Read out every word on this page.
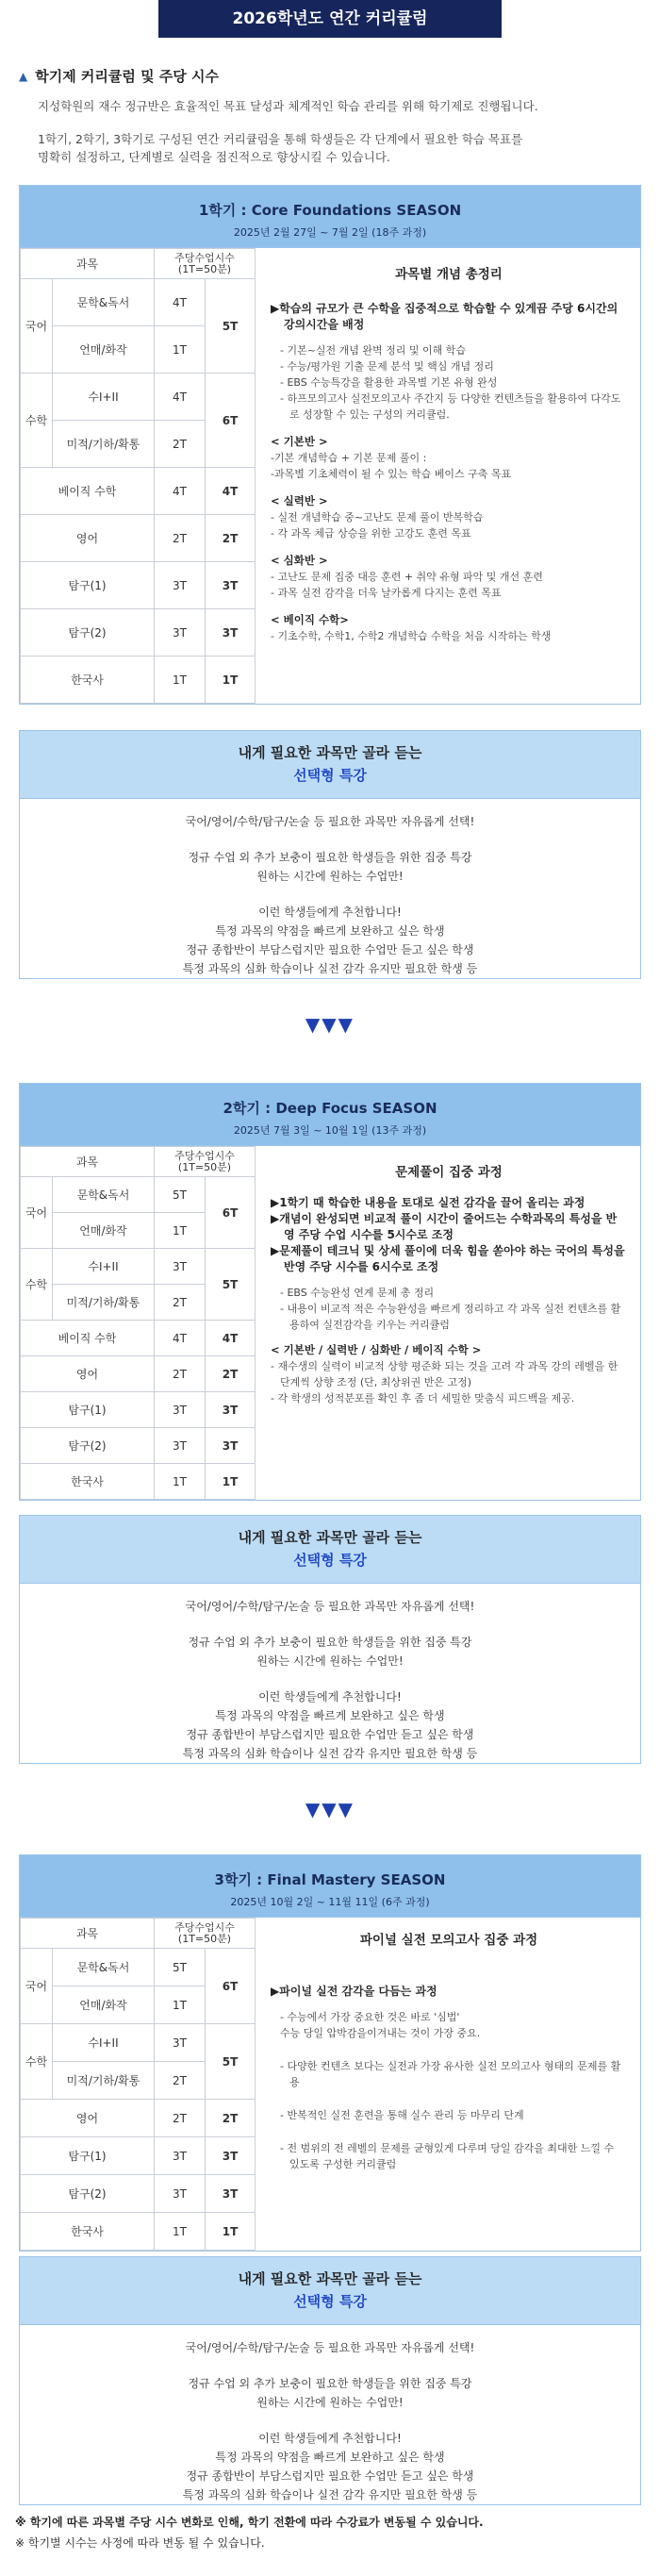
2026학년도 연간 커리큘럼
▲ 학기제 커리큘럼 및 주당 시수

지성학원의 재수 정규반은 효율적인 목표 달성과 체계적인 학습 관리를 위해 학기제로 진행됩니다.

1학기, 2학기, 3학기로 구성된 연간 커리큘럼을 통해 학생들은 각 단계에서 필요한 학습 목표를

명확히 설정하고, 단계별로 실력을 점진적으로 향상시킬 수 있습니다.

1학기 : Core Foundations SEASON
2025년 2월 27일 ~ 7월 2일 (18주 과정)
과목		주당수업시수
(1T=50분)	
국어	문학&독서	4T	5T
	언매/화작	1T	
수학	수I+II	4T	6T
	미적/기하/확통	2T	
베이직 수학		4T	4T
영어		2T	2T
탐구(1)		3T	3T
탐구(2)		3T	3T
한국사		1T	1T
과목별 개념 총정리
▶학습의 규모가 큰 수학을 집중적으로 학습할 수 있게끔 주당 6시간의 강의시간을 배정
- 기본~실전 개념 완벽 정리 및 이해 학습
- 수능/평가원 기출 문제 분석 및 핵심 개념 정리
- EBS 수능특강을 활용한 과목별 기본 유형 완성
- 하프모의고사 실전모의고사 주간지 등 다양한 컨텐츠들을 활용하여 다각도로 성장할 수 있는 구성의 커리큘럼.
< 기본반 >
-기본 개념학습 + 기본 문제 풀이 :
-과목별 기초체력이 될 수 있는 학습 베이스 구축 목표
< 실력반 >
- 실전 개념학습 중~고난도 문제 풀이 반복학습
- 각 과목 체급 상승을 위한 고강도 훈련 목표
< 심화반 >
- 고난도 문제 집중 대응 훈련 + 취약 유형 파악 및 개선 훈련
- 과목 실전 감각을 더욱 날카롭게 다지는 훈련 목표
< 베이직 수학>
- 기초수학, 수학1, 수학2 개념학습 수학을 처음 시작하는 학생
내게 필요한 과목만 골라 듣는
선택형 특강
국어/영어/수학/탐구/논술 등 필요한 과목만 자유롭게 선택!
정규 수업 외 추가 보충이 필요한 학생들을 위한 집중 특강
원하는 시간에 원하는 수업만!
이런 학생들에게 추천합니다!
특정 과목의 약점을 빠르게 보완하고 싶은 학생
정규 종합반이 부담스럽지만 필요한 수업만 듣고 싶은 학생
특정 과목의 심화 학습이나 실전 감각 유지만 필요한 학생 등
▼▼▼
2학기 : Deep Focus SEASON
2025년 7월 3일 ~ 10월 1일 (13주 과정)
과목		주당수업시수
(1T=50분)	
국어	문학&독서	5T	6T
	언매/화작	1T	
수학	수I+II	3T	5T
	미적/기하/확통	2T	
베이직 수학		4T	4T
영어		2T	2T
탐구(1)		3T	3T
탐구(2)		3T	3T
한국사		1T	1T
문제풀이 집중 과정
▶1학기 때 학습한 내용을 토대로 실전 감각을 끌어 올리는 과정
▶개념이 완성되면 비교적 풀이 시간이 줄어드는 수학과목의 특성을 반영 주당 수업 시수를 5시수로 조정
▶문제풀이 테크닉 및 상세 풀이에 더욱 힘을 쏟아야 하는 국어의 특성을 반영 주당 시수를 6시수로 조정
- EBS 수능완성 연계 문제 총 정리
- 내용이 비교적 적은 수능완성을 빠르게 정리하고 각 과목 실전 컨텐츠를 활용하여 실전감각을 키우는 커리큘럼
< 기본반 / 실력반 / 심화반 / 베이직 수학 >
- 재수생의 실력이 비교적 상향 평준화 되는 것을 고려 각 과목 강의 레벨을 한단계씩 상향 조정 (단, 최상위권 반은 고정)
- 각 학생의 성적분포를 확인 후 좀 더 세밀한 맞춤식 피드백을 제공.
내게 필요한 과목만 골라 듣는
선택형 특강
국어/영어/수학/탐구/논술 등 필요한 과목만 자유롭게 선택!
정규 수업 외 추가 보충이 필요한 학생들을 위한 집중 특강
원하는 시간에 원하는 수업만!
이런 학생들에게 추천합니다!
특정 과목의 약점을 빠르게 보완하고 싶은 학생
정규 종합반이 부담스럽지만 필요한 수업만 듣고 싶은 학생
특정 과목의 심화 학습이나 실전 감각 유지만 필요한 학생 등
▼▼▼
3학기 : Final Mastery SEASON
2025년 10월 2일 ~ 11월 11일 (6주 과정)
과목		주당수업시수
(1T=50분)	
국어	문학&독서	5T	6T
	언매/화작	1T	
수학	수I+II	3T	5T
	미적/기하/확통	2T	
영어		2T	2T
탐구(1)		3T	3T
탐구(2)		3T	3T
한국사		1T	1T
파이널 실전 모의고사 집중 과정
▶파이널 실전 감각을 다듬는 과정
- 수능에서 가장 중요한 것은 바로 '심법'
수능 당일 압박감을이겨내는 것이 가장 중요.
- 다양한 컨텐츠 보다는 실전과 가장 유사한 실전 모의고사 형태의 문제를 활용
- 반복적인 실전 훈련을 통해 실수 관리 등 마무리 단계
- 전 범위의 전 레벨의 문제를 균형있게 다루며 당일 감각을 최대한 느낄 수 있도록 구성한 커리큘럼
내게 필요한 과목만 골라 듣는
선택형 특강
국어/영어/수학/탐구/논술 등 필요한 과목만 자유롭게 선택!
정규 수업 외 추가 보충이 필요한 학생들을 위한 집중 특강
원하는 시간에 원하는 수업만!
이런 학생들에게 추천합니다!
특정 과목의 약점을 빠르게 보완하고 싶은 학생
정규 종합반이 부담스럽지만 필요한 수업만 듣고 싶은 학생
특정 과목의 심화 학습이나 실전 감각 유지만 필요한 학생 등
※ 학기에 따른 과목별 주당 시수 변화로 인해, 학기 전환에 따라 수강료가 변동될 수 있습니다.
※ 학기별 시수는 사정에 따라 변동 될 수 있습니다.
